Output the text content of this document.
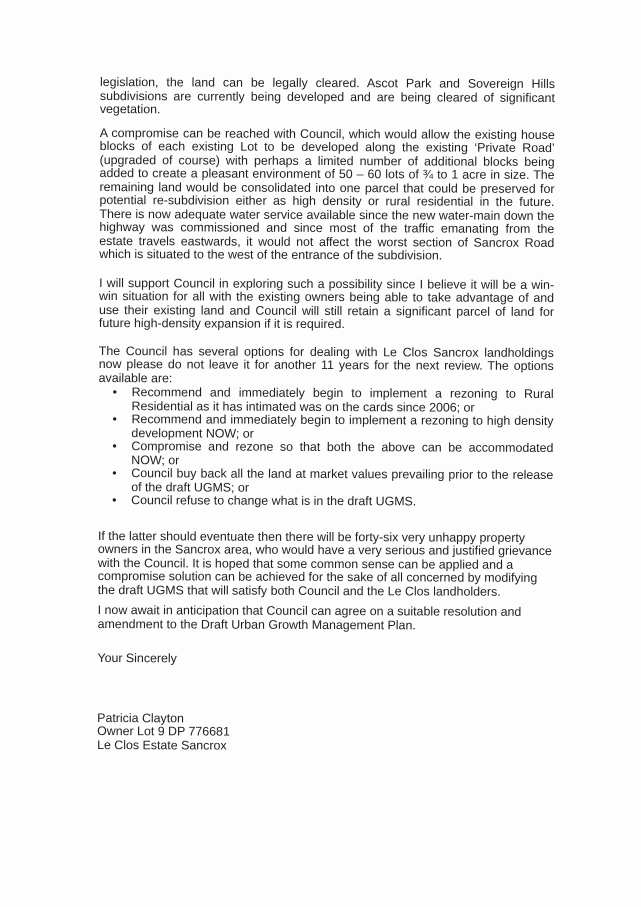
legislation, the land can be legally cleared. Ascot Park and Sovereign Hills subdivisions are currently being developed and are being cleared of significant vegetation.

A compromise can be reached with Council, which would allow the existing house blocks of each existing Lot to be developed along the existing ‘Private Road’ (upgraded of course) with perhaps a limited number of additional blocks being added to create a pleasant environment of 50 – 60 lots of ¾ to 1 acre in size. The remaining land would be consolidated into one parcel that could be preserved for potential re-subdivision either as high density or rural residential in the future. There is now adequate water service available since the new water-main down the highway was commissioned and since most of the traffic emanating from the estate travels eastwards, it would not affect the worst section of Sancrox Road which is situated to the west of the entrance of the subdivision.

I will support Council in exploring such a possibility since I believe it will be a win-win situation for all with the existing owners being able to take advantage of and use their existing land and Council will still retain a significant parcel of land for future high-density expansion if it is required.

The Council has several options for dealing with Le Clos Sancrox landholdings now please do not leave it for another 11 years for the next review. The options available are:

• Recommend and immediately begin to implement a rezoning to Rural Residential as it has intimated was on the cards since 2006; or
• Recommend and immediately begin to implement a rezoning to high density development NOW; or
• Compromise and rezone so that both the above can be accommodated NOW; or
• Council buy back all the land at market values prevailing prior to the release of the draft UGMS; or
• Council refuse to change what is in the draft UGMS.

If the latter should eventuate then there will be forty-six very unhappy property owners in the Sancrox area, who would have a very serious and justified grievance with the Council. It is hoped that some common sense can be applied and a compromise solution can be achieved for the sake of all concerned by modifying the draft UGMS that will satisfy both Council and the Le Clos landholders.

I now await in anticipation that Council can agree on a suitable resolution and amendment to the Draft Urban Growth Management Plan.

Your Sincerely

Patricia Clayton
Owner Lot 9 DP 776681
Le Clos Estate Sancrox
